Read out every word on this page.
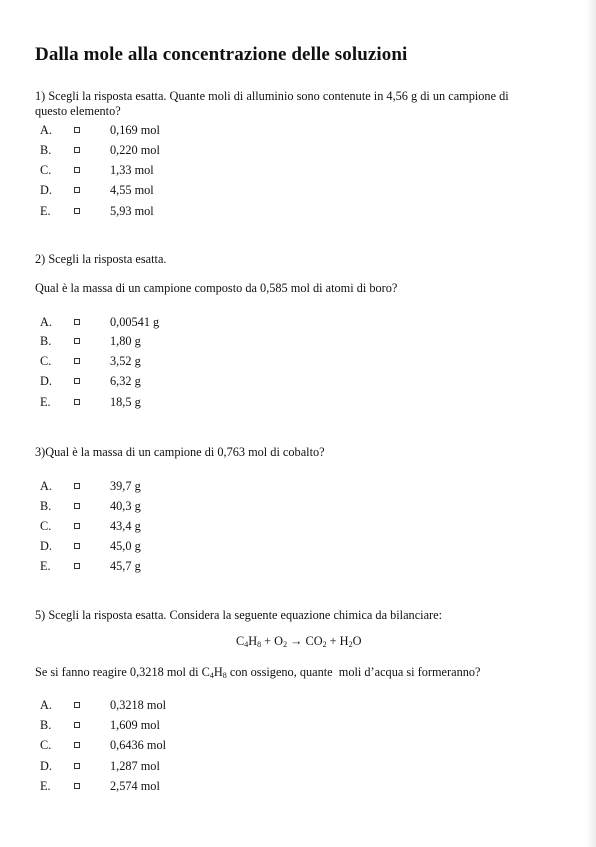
Dalla mole alla concentrazione delle soluzioni
1) Scegli la risposta esatta. Quante moli di alluminio sono contenute in 4,56 g di un campione di
questo elemento?
A.	0,169 mol
B.	0,220 mol
C.	1,33 mol
D.	4,55 mol
E.	5,93 mol
2) Scegli la risposta esatta.
Qual è la massa di un campione composto da 0,585 mol di atomi di boro?
A.	0,00541 g
B.	1,80 g
C.	3,52 g
D.	6,32 g
E.	18,5 g
3)Qual è la massa di un campione di 0,763 mol di cobalto?
A.	39,7 g
B.	40,3 g
C.	43,4 g
D.	45,0 g
E.	45,7 g
5) Scegli la risposta esatta. Considera la seguente equazione chimica da bilanciare:
$C_4H_8 + O_2 \to CO_2 + H_2O$
Se si fanno reagire 0,3218 mol di $C_4H_8$ con ossigeno, quante  moli d’acqua si formeranno?
A.	0,3218 mol
B.	1,609 mol
C.	0,6436 mol
D.	1,287 mol
E.	2,574 mol
